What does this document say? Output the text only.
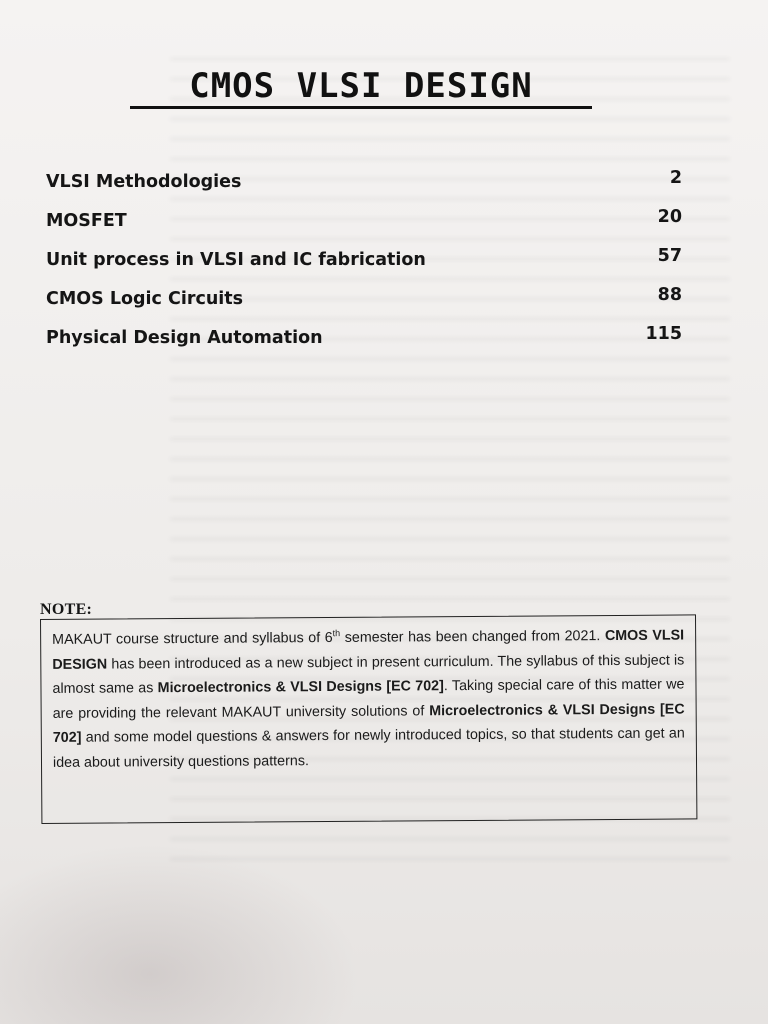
CMOS VLSI DESIGN
VLSI Methodologies	2
MOSFET	20
Unit process in VLSI and IC fabrication	57
CMOS Logic Circuits	88
Physical Design Automation	115
NOTE:
MAKAUT course structure and syllabus of 6th semester has been changed from 2021. CMOS VLSI DESIGN has been introduced as a new subject in present curriculum. The syllabus of this subject is almost same as Microelectronics & VLSI Designs [EC 702]. Taking special care of this matter we are providing the relevant MAKAUT university solutions of Microelectronics & VLSI Designs [EC 702] and some model questions & answers for newly introduced topics, so that students can get an idea about university questions patterns.
